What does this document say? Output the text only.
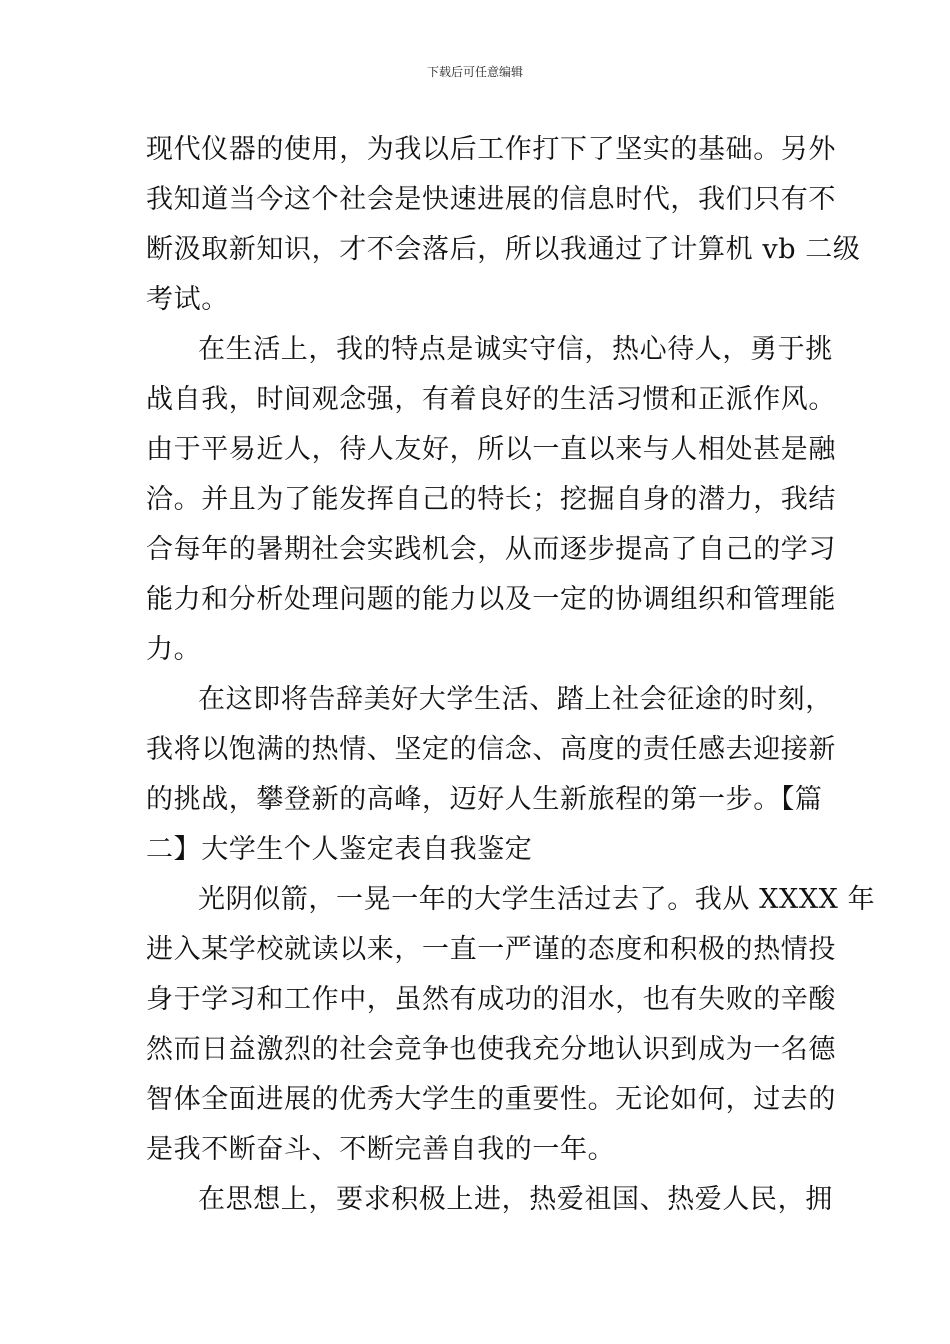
下载后可任意编辑
现代仪器的使用，为我以后工作打下了坚实的基础。另外
我知道当今这个社会是快速进展的信息时代，我们只有不
断汲取新知识，才不会落后，所以我通过了计算机 vb 二级
考试。
在生活上，我的特点是诚实守信，热心待人，勇于挑
战自我，时间观念强，有着良好的生活习惯和正派作风。
由于平易近人，待人友好，所以一直以来与人相处甚是融
洽。并且为了能发挥自己的特长；挖掘自身的潜力，我结
合每年的暑期社会实践机会，从而逐步提高了自己的学习
能力和分析处理问题的能力以及一定的协调组织和管理能
力。
在这即将告辞美好大学生活、踏上社会征途的时刻，
我将以饱满的热情、坚定的信念、高度的责任感去迎接新
的挑战，攀登新的高峰，迈好人生新旅程的第一步。【篇
二】大学生个人鉴定表自我鉴定
光阴似箭，一晃一年的大学生活过去了。我从 XXXX 年
进入某学校就读以来，一直一严谨的态度和积极的热情投
身于学习和工作中，虽然有成功的泪水，也有失败的辛酸
然而日益激烈的社会竞争也使我充分地认识到成为一名德
智体全面进展的优秀大学生的重要性。无论如何，过去的
是我不断奋斗、不断完善自我的一年。
在思想上，要求积极上进，热爱祖国、热爱人民，拥
